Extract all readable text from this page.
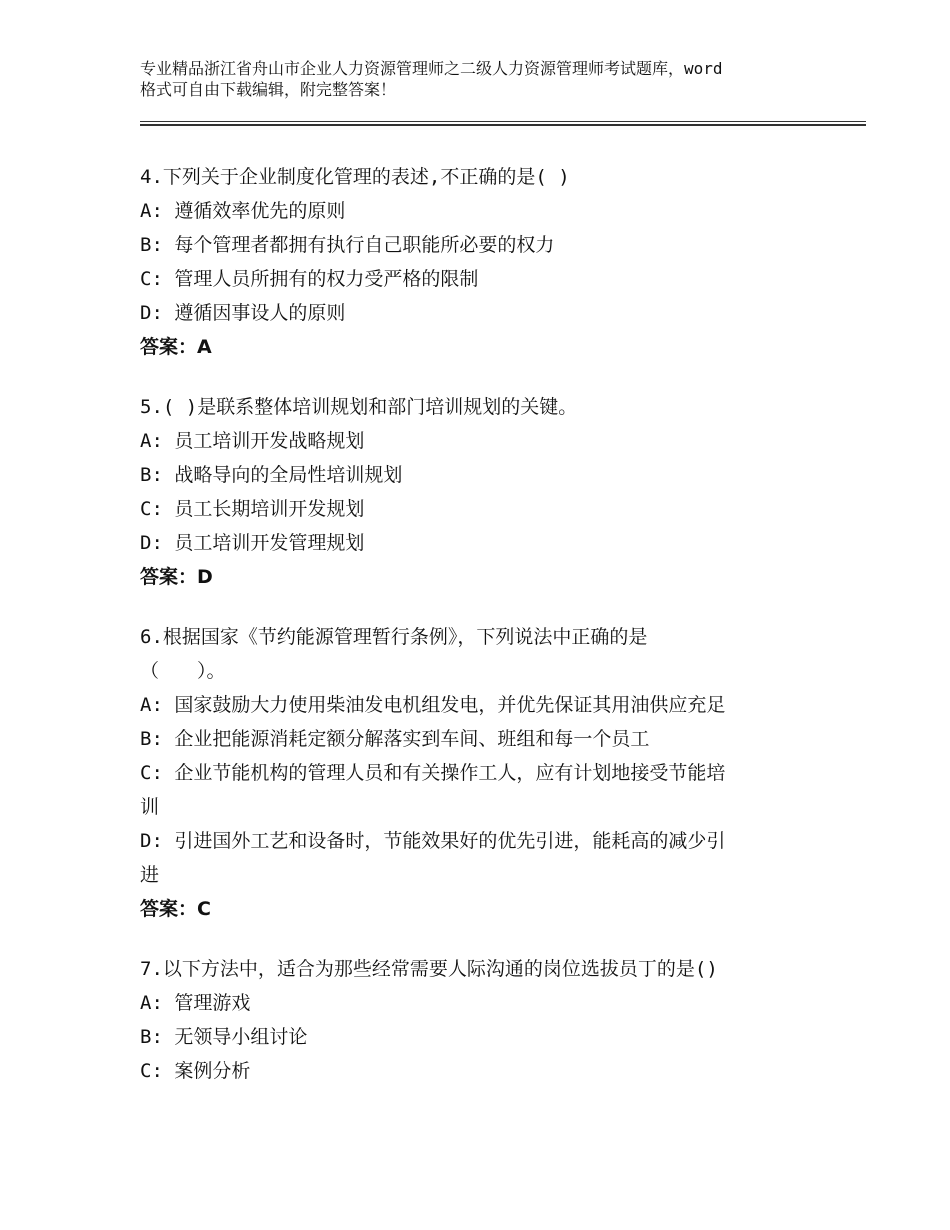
专业精品浙江省舟山市企业人力资源管理师之二级人力资源管理师考试题库，word
格式可自由下载编辑，附完整答案！

4.下列关于企业制度化管理的表述,不正确的是( )

A: 遵循效率优先的原则

B: 每个管理者都拥有执行自己职能所必要的权力

C: 管理人员所拥有的权力受严格的限制

D: 遵循因事设人的原则

答案：A

5.( )是联系整体培训规划和部门培训规划的关键。

A: 员工培训开发战略规划

B: 战略导向的全局性培训规划

C: 员工长期培训开发规划

D: 员工培训开发管理规划

答案：D

6.根据国家《节约能源管理暂行条例》，下列说法中正确的是

（　　）。

A: 国家鼓励大力使用柴油发电机组发电，并优先保证其用油供应充足

B: 企业把能源消耗定额分解落实到车间、班组和每一个员工

C: 企业节能机构的管理人员和有关操作工人，应有计划地接受节能培

训

D: 引进国外工艺和设备时，节能效果好的优先引进，能耗高的减少引

进

答案：C

7.以下方法中，适合为那些经常需要人际沟通的岗位选拔员丁的是()

A: 管理游戏

B: 无领导小组讨论

C: 案例分析
